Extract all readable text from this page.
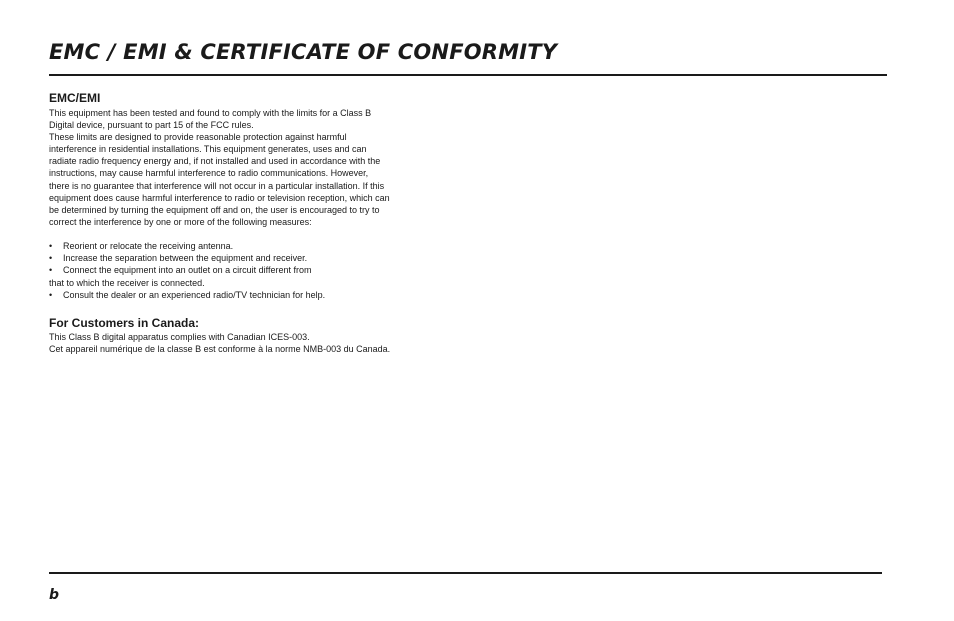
EMC / EMI & CERTIFICATE OF CONFORMITY
EMC/EMI

This equipment has been tested and found to comply with the limits for a Class B
Digital device, pursuant to part 15 of the FCC rules.
These limits are designed to provide reasonable protection against harmful
interference in residential installations. This equipment generates, uses and can
radiate radio frequency energy and, if not installed and used in accordance with the
instructions, may cause harmful interference to radio communications. However,
there is no guarantee that interference will not occur in a particular installation. If this
equipment does cause harmful interference to radio or television reception, which can
be determined by turning the equipment off and on, the user is encouraged to try to
correct the interference by one or more of the following measures:

• Reorient or relocate the receiving antenna.
• Increase the separation between the equipment and receiver.
• Connect the equipment into an outlet on a circuit different from
that to which the receiver is connected.
• Consult the dealer or an experienced radio/TV technician for help.
For Customers in Canada:

This Class B digital apparatus complies with Canadian ICES-003.
Cet appareil numérique de la classe B est conforme à la norme NMB-003 du Canada.

b
